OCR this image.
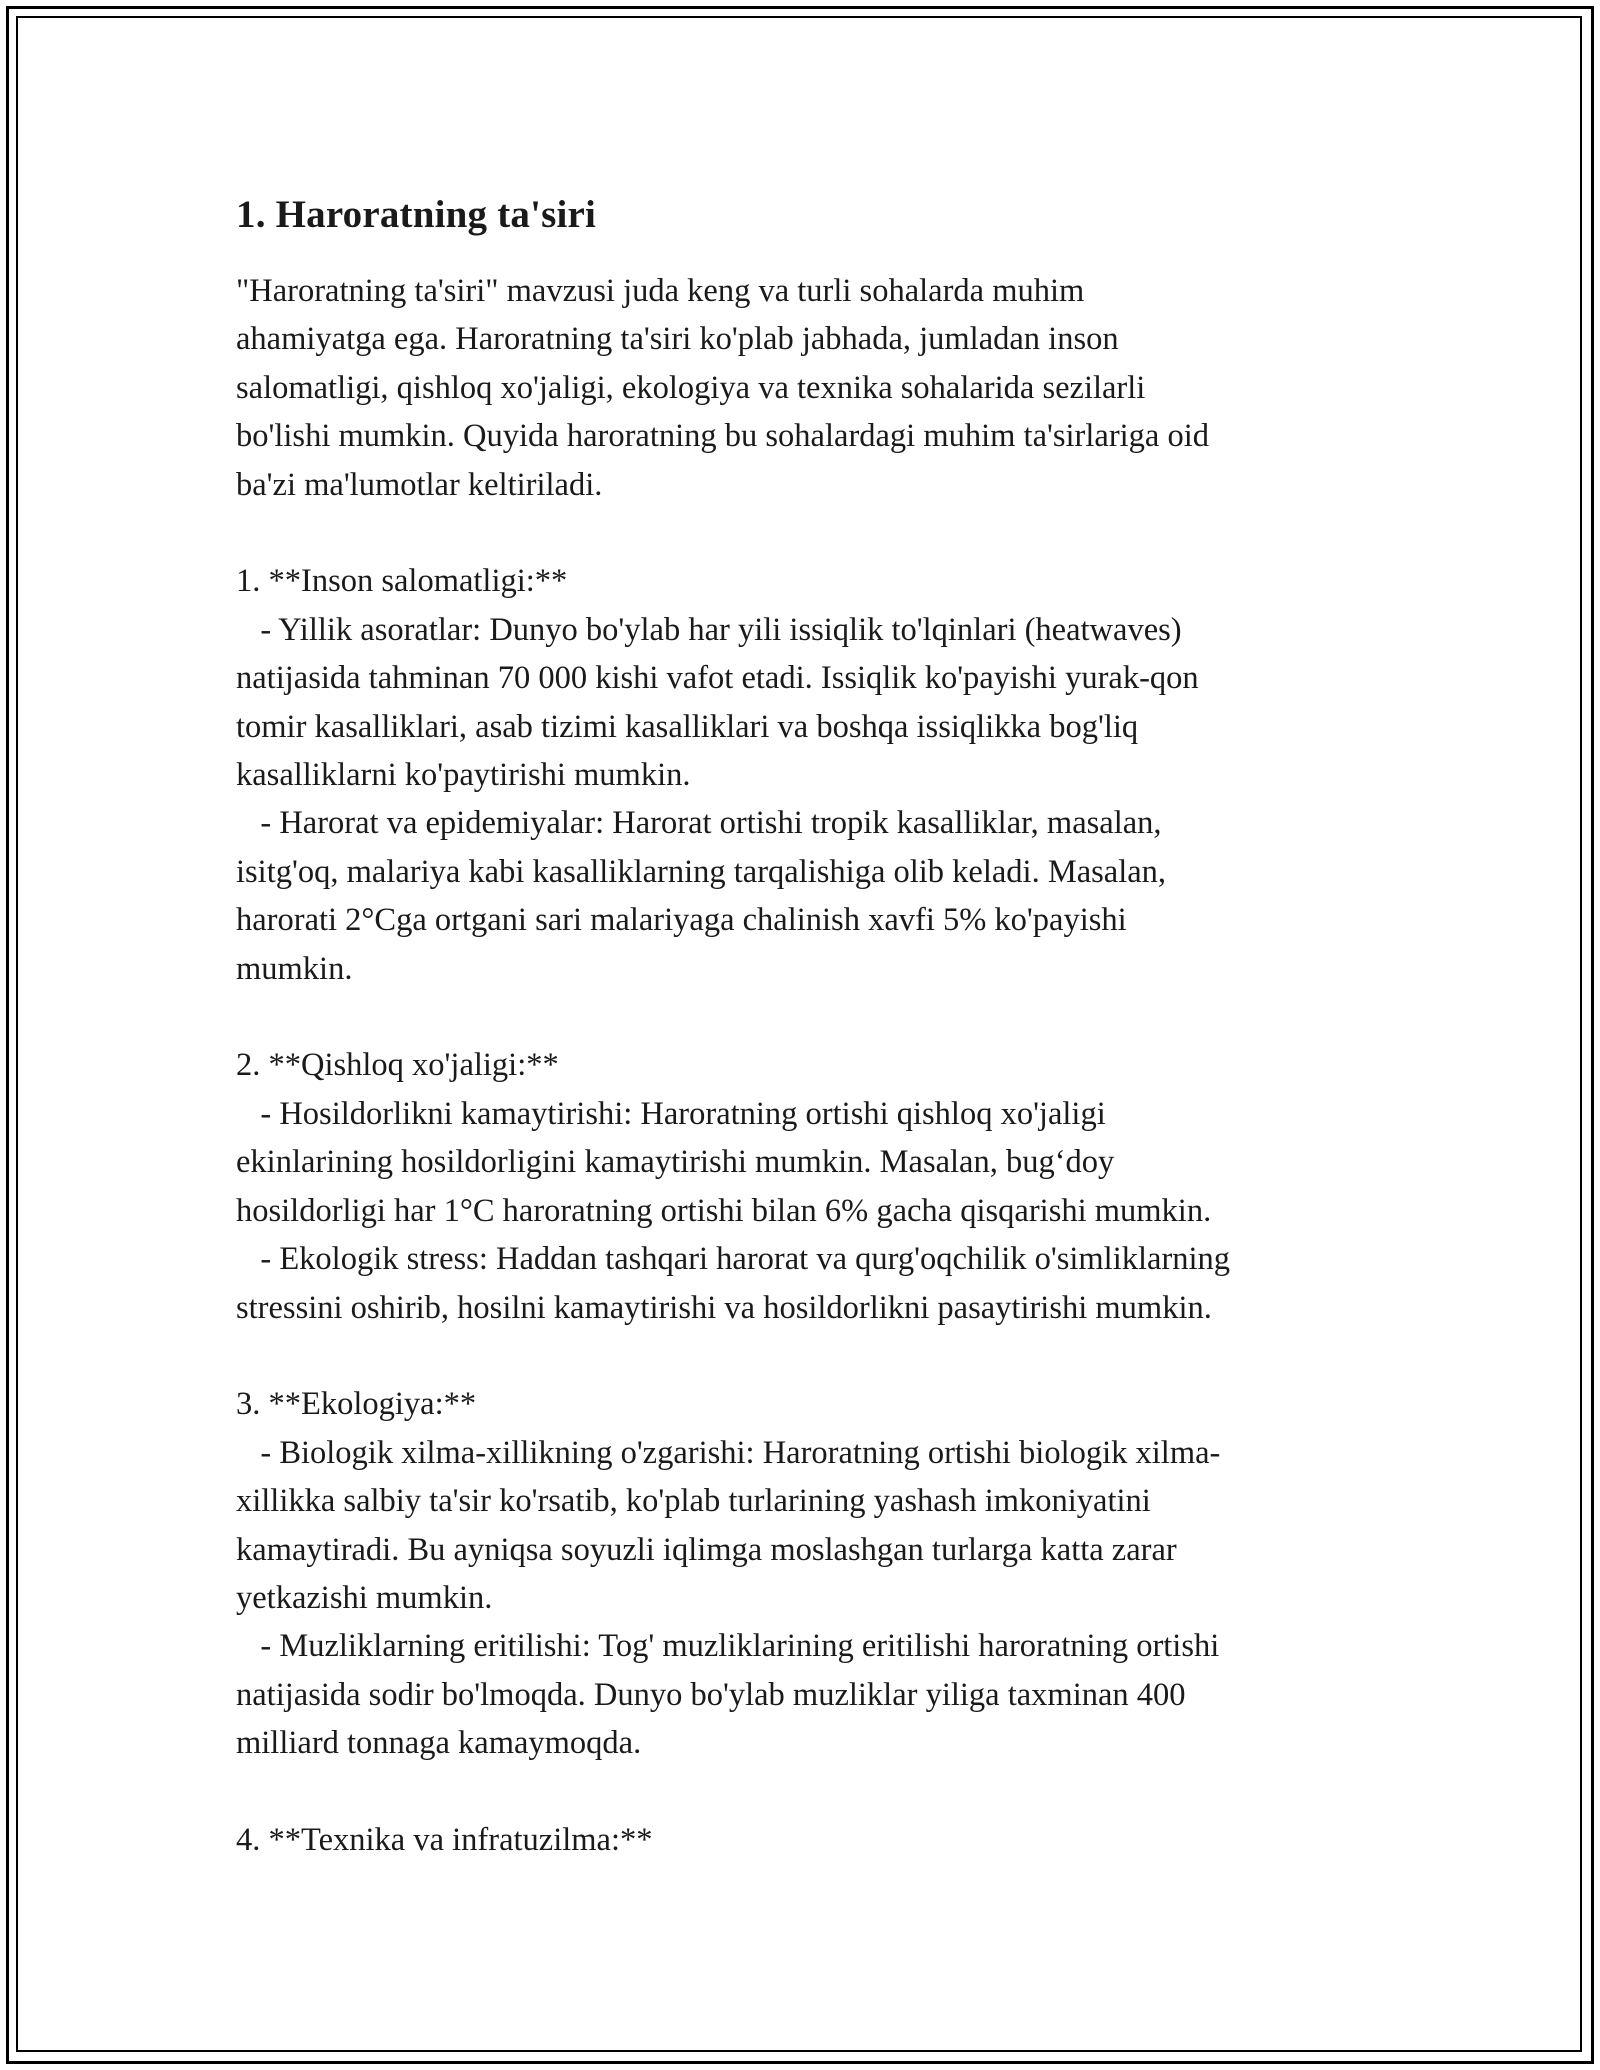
1. Haroratning ta'siri

"Haroratning ta'siri" mavzusi juda keng va turli sohalarda muhim
ahamiyatga ega. Haroratning ta'siri ko'plab jabhada, jumladan inson
salomatligi, qishloq xo'jaligi, ekologiya va texnika sohalarida sezilarli
bo'lishi mumkin. Quyida haroratning bu sohalardagi muhim ta'sirlariga oid
ba'zi ma'lumotlar keltiriladi.

1. **Inson salomatligi:**
- Yillik asoratlar: Dunyo bo'ylab har yili issiqlik to'lqinlari (heatwaves)
natijasida tahminan 70 000 kishi vafot etadi. Issiqlik ko'payishi yurak-qon
tomir kasalliklari, asab tizimi kasalliklari va boshqa issiqlikka bog'liq
kasalliklarni ko'paytirishi mumkin.
- Harorat va epidemiyalar: Harorat ortishi tropik kasalliklar, masalan,
isitg'oq, malariya kabi kasalliklarning tarqalishiga olib keladi. Masalan,
harorati 2°Cga ortgani sari malariyaga chalinish xavfi 5% ko'payishi
mumkin.
2. **Qishloq xo'jaligi:**
- Hosildorlikni kamaytirishi: Haroratning ortishi qishloq xo'jaligi
ekinlarining hosildorligini kamaytirishi mumkin. Masalan, bug‘doy
hosildorligi har 1°C haroratning ortishi bilan 6% gacha qisqarishi mumkin.
- Ekologik stress: Haddan tashqari harorat va qurg'oqchilik o'simliklarning
stressini oshirib, hosilni kamaytirishi va hosildorlikni pasaytirishi mumkin.
3. **Ekologiya:**
- Biologik xilma-xillikning o'zgarishi: Haroratning ortishi biologik xilma-
xillikka salbiy ta'sir ko'rsatib, ko'plab turlarining yashash imkoniyatini
kamaytiradi. Bu ayniqsa soyuzli iqlimga moslashgan turlarga katta zarar
yetkazishi mumkin.
- Muzliklarning eritilishi: Tog' muzliklarining eritilishi haroratning ortishi
natijasida sodir bo'lmoqda. Dunyo bo'ylab muzliklar yiliga taxminan 400
milliard tonnaga kamaymoqda.
4. **Texnika va infratuzilma:**
